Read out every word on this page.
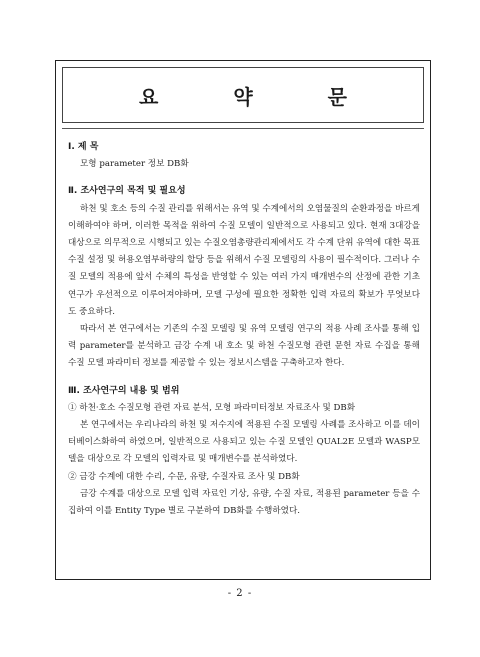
요 약 문

Ⅰ. 제 목

모형 parameter 정보 DB화

Ⅱ. 조사연구의 목적 및 필요성

하천 및 호소 등의 수질 관리를 위해서는 유역 및 수계에서의 오염물질의 순환과정을 바르게 이해하여야 하며, 이러한 목적을 위하여 수질 모델이 일반적으로 사용되고 있다. 현재 3대강을 대상으로 의무적으로 시행되고 있는 수질오염총량관리제에서도 각 수계 단위 유역에 대한 목표 수질 설정 및 허용오염부하량의 할당 등을 위해서 수질 모델링의 사용이 필수적이다. 그러나 수질 모델의 적용에 앞서 수체의 특성을 반영할 수 있는 여러 가지 매개변수의 산정에 관한 기초 연구가 우선적으로 이루어져야하며, 모델 구성에 필요한 정확한 입력 자료의 확보가 무엇보다도 중요하다.

따라서 본 연구에서는 기존의 수질 모델링 및 유역 모델링 연구의 적용 사례 조사를 통해 입력 parameter를 분석하고 금강 수계 내 호소 및 하천 수질모형 관련 문헌 자료 수집을 통해 수질 모델 파라미터 정보를 제공할 수 있는 정보시스템을 구축하고자 한다.

Ⅲ. 조사연구의 내용 및 범위

① 하천·호소 수질모형 관련 자료 분석, 모형 파라미터정보 자료조사 및 DB화

본 연구에서는 우리나라의 하천 및 저수지에 적용된 수질 모델링 사례를 조사하고 이를 데이터베이스화하여 하였으며, 일반적으로 사용되고 있는 수질 모델인 QUAL2E 모델과 WASP모델을 대상으로 각 모델의 입력자료 및 매개변수를 분석하였다.

② 금강 수계에 대한 수리, 수문, 유량, 수질자료 조사 및 DB화

금강 수계를 대상으로 모델 입력 자료인 기상, 유량, 수질 자료, 적용된 parameter 등을 수집하여 이를 Entity Type 별로 구분하여 DB화를 수행하였다.

- 2 -
